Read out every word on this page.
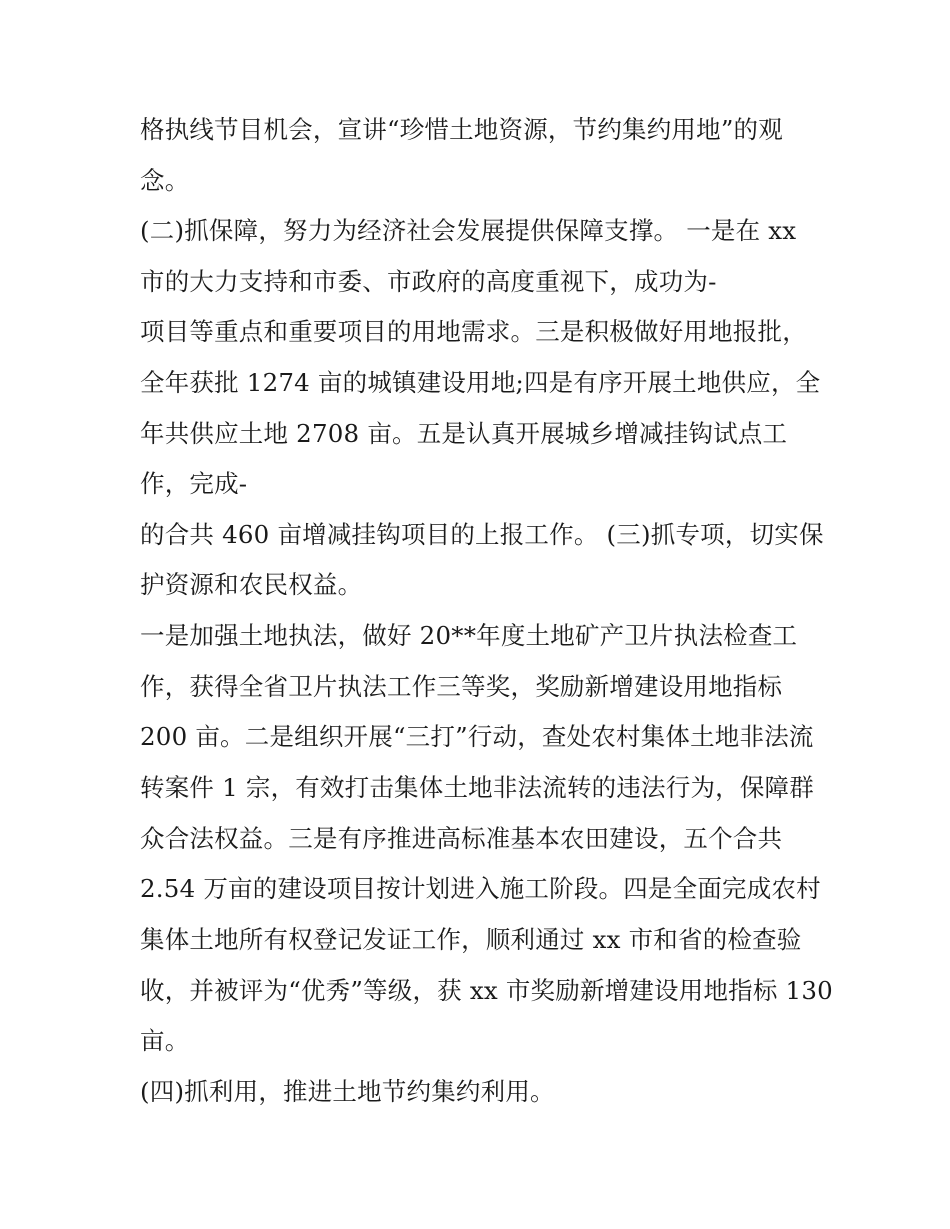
格执线节目机会，宣讲“珍惜土地资源，节约集约用地”的观
念。
(二)抓保障，努力为经济社会发展提供保障支撑。 一是在 xx
市的大力支持和市委、市政府的高度重视下，成功为-
项目等重点和重要项目的用地需求。三是积极做好用地报批，
全年获批 1274 亩的城镇建设用地;四是有序开展土地供应，全
年共供应土地 2708 亩。五是认真开展城乡增减挂钩试点工
作，完成-
的合共 460 亩增减挂钩项目的上报工作。 (三)抓专项，切实保
护资源和农民权益。
一是加强土地执法，做好 20**年度土地矿产卫片执法检查工
作，获得全省卫片执法工作三等奖，奖励新增建设用地指标
200 亩。二是组织开展“三打”行动，查处农村集体土地非法流
转案件 1 宗，有效打击集体土地非法流转的违法行为，保障群
众合法权益。三是有序推进高标准基本农田建设，五个合共
2.54 万亩的建设项目按计划进入施工阶段。四是全面完成农村
集体土地所有权登记发证工作，顺利通过 xx 市和省的检查验
收，并被评为“优秀”等级，获 xx 市奖励新增建设用地指标 130
亩。
(四)抓利用，推进土地节约集约利用。
